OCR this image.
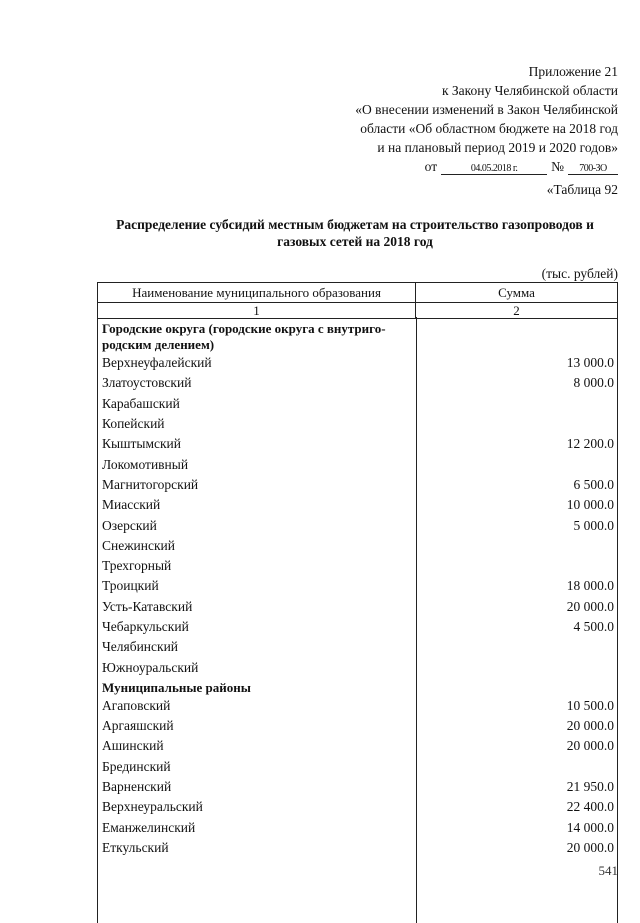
Приложение 21
к Закону Челябинской области
«О внесении изменений в Закон Челябинской
области «Об областном бюджете на 2018 год
и на плановый период 2019 и 2020 годов»
от	04.05.2018 г.	№	700-ЗО
«Таблица 92
Распределение субсидий местным бюджетам на строительство газопроводов и газовых сетей на 2018 год
(тыс. рублей)
Наименование муниципального образования	Сумма
1	2
Городские округа (городские округа с внутриго-родским делением)
Верхнеуфалейский	13 000.0
Златоустовский	8 000.0
Карабашский
Копейский
Кыштымский	12 200.0
Локомотивный
Магнитогорский	6 500.0
Миасский	10 000.0
Озерский	5 000.0
Снежинский
Трехгорный
Троицкий	18 000.0
Усть-Катавский	20 000.0
Чебаркульский	4 500.0
Челябинский
Южноуральский
Муниципальные районы
Агаповский	10 500.0
Аргаяшский	20 000.0
Ашинский	20 000.0
Брединский
Варненский	21 950.0
Верхнеуральский	22 400.0
Еманжелинский	14 000.0
Еткульский	20 000.0
541
